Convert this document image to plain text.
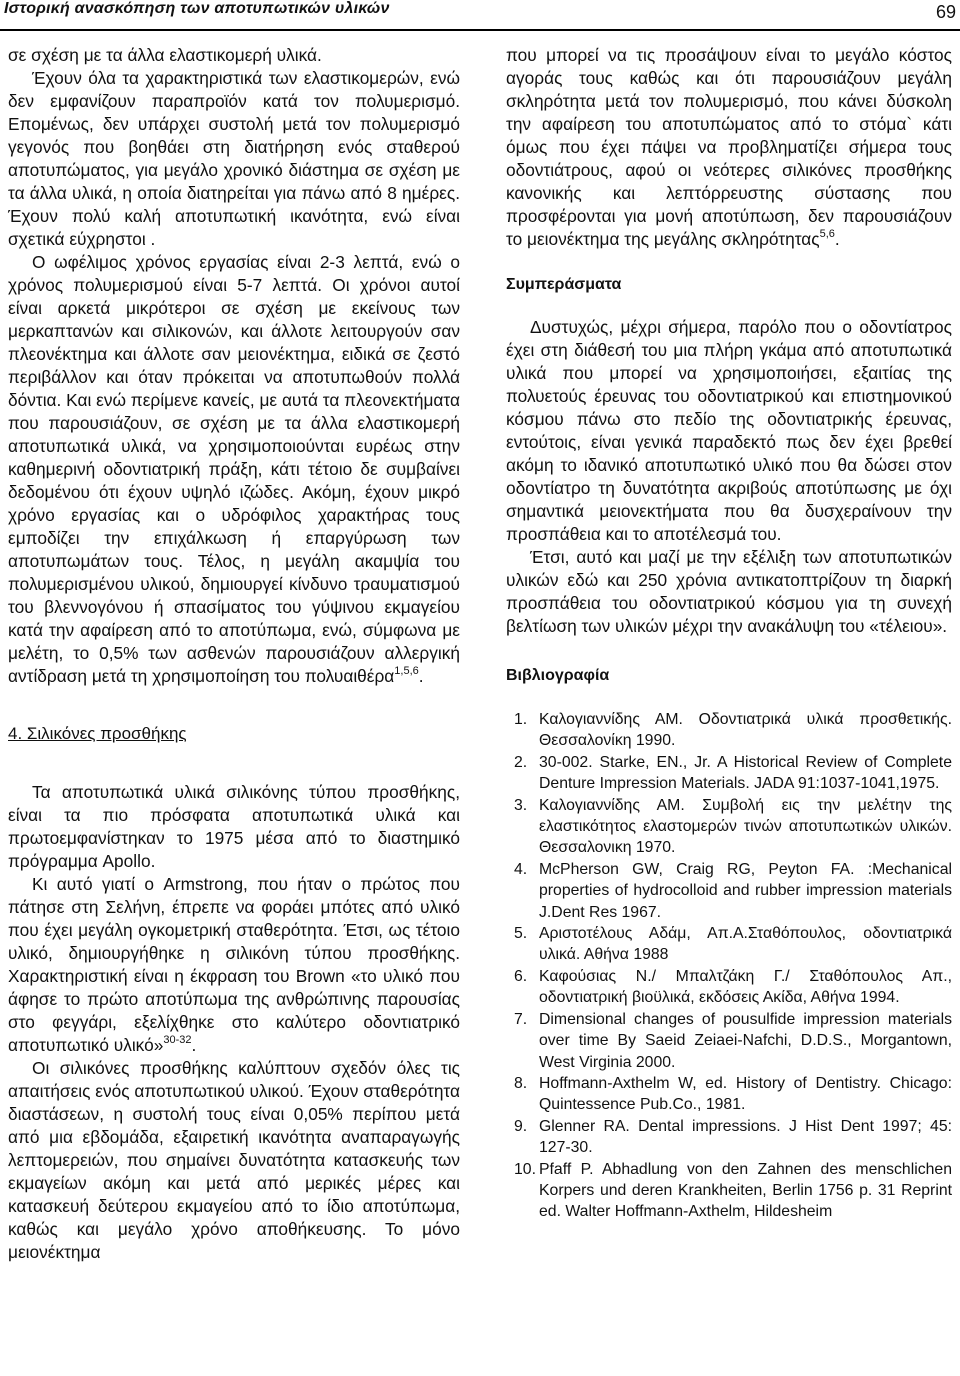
Ιστορική ανασκόπηση των αποτυπωτικών υλικών	69

σε σχέση με τα άλλα ελαστικομερή υλικά.

Έχουν όλα τα χαρακτηριστικά των ελαστικομερών, ενώ δεν εμφανίζουν παραπροϊόν κατά τον πολυμερισμό. Επομένως, δεν υπάρχει συστολή μετά τον πολυμερισμό γεγονός που βοηθάει στη διατήρηση ενός σταθερού αποτυπώματος, για μεγάλο χρονικό διάστημα σε σχέση με τα άλλα υλικά, η οποία διατηρείται για πάνω από 8 ημέρες. Έχουν πολύ καλή αποτυπωτική ικανότητα, ενώ είναι σχετικά εύχρηστοι .

Ο ωφέλιμος χρόνος εργασίας είναι 2-3 λεπτά, ενώ ο χρόνος πολυμερισμού είναι 5-7 λεπτά. Οι χρόνοι αυτοί είναι αρκετά μικρότεροι σε σχέση με εκείνους των μερκαπτανών και σιλικονών, και άλλοτε λειτουργούν σαν πλεονέκτημα και άλλοτε σαν μειονέκτημα, ειδικά σε ζεστό περιβάλλον και όταν πρόκειται να αποτυπωθούν πολλά δόντια. Και ενώ περίμενε κανείς, με αυτά τα πλεονεκτήματα που παρουσιάζουν, σε σχέση με τα άλλα ελαστικομερή αποτυπωτικά υλικά, να χρησιμοποιούνται ευρέως στην καθημερινή οδοντιατρική πράξη, κάτι τέτοιο δε συμβαίνει δεδομένου ότι έχουν υψηλό ιζώδες. Ακόμη, έχουν μικρό χρόνο εργασίας και ο υδρόφιλος χαρακτήρας τους εμποδίζει την επιχάλκωση ή επαργύρωση των αποτυπωμάτων τους. Τέλος, η μεγάλη ακαμψία του πολυμερισμένου υλικού, δημιουργεί κίνδυνο τραυματισμού του βλεννογόνου ή σπασίματος του γύψινου εκμαγείου κατά την αφαίρεση από το αποτύπωμα, ενώ, σύμφωνα με μελέτη, το 0,5% των ασθενών παρουσιάζουν αλλεργική αντίδραση μετά τη χρησιμοποίηση του πολυαιθέρα$^{1,5,6}$.

4. Σιλικόνες προσθήκης

Τα αποτυπωτικά υλικά σιλικόνης τύπου προσθήκης, είναι τα πιο πρόσφατα αποτυπωτικά υλικά και πρωτοεμφανίστηκαν το 1975 μέσα από το διαστημικό πρόγραμμα Apollo.

Κι αυτό γιατί ο Armstrong, που ήταν ο πρώτος που πάτησε στη Σελήνη, έπρεπε να φοράει μπότες από υλικό που έχει μεγάλη ογκομετρική σταθερότητα. Έτσι, ως τέτοιο υλικό, δημιουργήθηκε η σιλικόνη τύπου προσθήκης. Χαρακτηριστική είναι η έκφραση του Brown «το υλικό που άφησε το πρώτο αποτύπωμα της ανθρώπινης παρουσίας στο φεγγάρι, εξελίχθηκε στο καλύτερο οδοντιατρικό αποτυπωτικό υλικό»$^{30-32}$.

Οι σιλικόνες προσθήκης καλύπτουν σχεδόν όλες τις απαιτήσεις ενός αποτυπωτικού υλικού. Έχουν σταθερότητα διαστάσεων, η συστολή τους είναι 0,05% περίπου μετά από μια εβδομάδα, εξαιρετική ικανότητα αναπαραγωγής λεπτομερειών, που σημαίνει δυνατότητα κατασκευής των εκμαγείων ακόμη και μετά από μερικές μέρες και κατασκευή δεύτερου εκμαγείου από το ίδιο αποτύπωμα, καθώς και μεγάλο χρόνο αποθήκευσης. Το μόνο μειονέκτημα

που μπορεί να τις προσάψουν είναι το μεγάλο κόστος αγοράς τους καθώς και ότι παρουσιάζουν μεγάλη σκληρότητα μετά τον πολυμερισμό, που κάνει δύσκολη την αφαίρεση του αποτυπώματος από το στόμα` κάτι όμως που έχει πάψει να προβληματίζει σήμερα τους οδοντιάτρους, αφού οι νεότερες σιλικόνες προσθήκης κανονικής και λεπτόρρευστης σύστασης που προσφέρονται για μονή αποτύπωση, δεν παρουσιάζουν το μειονέκτημα της μεγάλης σκληρότητας$^{5,6}$.

Συμπεράσματα

Δυστυχώς, μέχρι σήμερα, παρόλο που ο οδοντίατρος έχει στη διάθεσή του μια πλήρη γκάμα από αποτυπωτικά υλικά που μπορεί να χρησιμοποιήσει, εξαιτίας της πολυετούς έρευνας του οδοντιατρικού και επιστημονικού κόσμου πάνω στο πεδίο της οδοντιατρικής έρευνας, εντούτοις, είναι γενικά παραδεκτό πως δεν έχει βρεθεί ακόμη το ιδανικό αποτυπωτικό υλικό που θα δώσει στον οδοντίατρο τη δυνατότητα ακριβούς αποτύπωσης με όχι σημαντικά μειονεκτήματα που θα δυσχεραίνουν την προσπάθεια και το αποτέλεσμά του.

Έτσι, αυτό και μαζί με την εξέλιξη των αποτυπωτικών υλικών εδώ και 250 χρόνια αντικατοπτρίζουν τη διαρκή προσπάθεια του οδοντιατρικού κόσμου για τη συνεχή βελτίωση των υλικών μέχρι την ανακάλυψη του «τέλειου».

Βιβλιογραφία

1. Καλογιαννίδης ΑΜ. Οδοντιατρικά υλικά προσθετικής. Θεσσαλονίκη 1990.
2. 30-002. Starke, EN., Jr. A Historical Review of Complete Denture Impression Materials. JADA 91:1037-1041,1975.
3. Καλογιαννίδης ΑΜ. Συμβολή εις την μελέτην της ελαστικότητος ελαστομερών τινών αποτυπωτικών υλικών. Θεσσαλονικη 1970.
4. McPherson GW, Craig RG, Peyton FA. :Mechanical properties of hydrocolloid and rubber impression materials J.Dent Res 1967.
5. Αριστοτέλους Αδάμ, Απ.Α.Σταθόπουλος, οδοντιατρικά υλικά. Αθήνα 1988
6. Καφούσιας Ν./ Μπαλτζάκη Γ./ Σταθόπουλος Απ., οδοντιατρική βιοϋλικά, εκδόσεις Ακίδα, Αθήνα 1994.
7. Dimensional changes of pousulfide impression materials over time By Saeid Zeiaei-Nafchi, D.D.S., Morgantown, West Virginia 2000.
8. Hoffmann-Axthelm W, ed. History of Dentistry. Chicago: Quintessence Pub.Co., 1981.
9. Glenner RA. Dental impressions. J Hist Dent 1997; 45: 127-30.
10. Pfaff P. Abhadlung von den Zahnen des menschlichen Korpers und deren Krankheiten, Berlin 1756 p. 31 Reprint ed. Walter Hoffmann-Axthelm, Hildesheim
